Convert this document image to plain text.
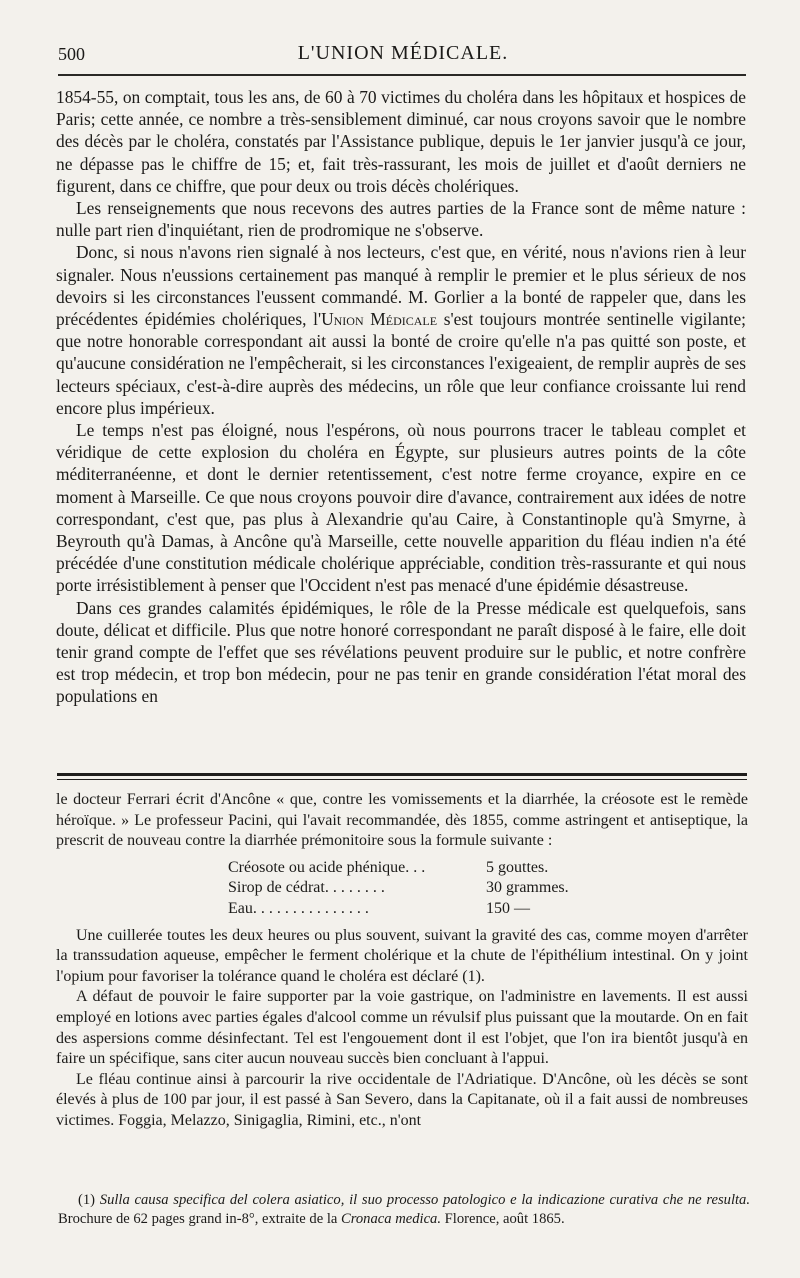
500	L'UNION MÉDICALE.

1854-55, on comptait, tous les ans, de 60 à 70 victimes du choléra dans les hôpitaux et hospices de Paris; cette année, ce nombre a très-sensiblement diminué, car nous croyons savoir que le nombre des décès par le choléra, constatés par l'Assistance publique, depuis le 1er janvier jusqu'à ce jour, ne dépasse pas le chiffre de 15; et, fait très-rassurant, les mois de juillet et d'août derniers ne figurent, dans ce chiffre, que pour deux ou trois décès cholériques.

Les renseignements que nous recevons des autres parties de la France sont de même nature : nulle part rien d'inquiétant, rien de prodromique ne s'observe.

Donc, si nous n'avons rien signalé à nos lecteurs, c'est que, en vérité, nous n'avions rien à leur signaler. Nous n'eussions certainement pas manqué à remplir le premier et le plus sérieux de nos devoirs si les circonstances l'eussent commandé. M. Gorlier a la bonté de rappeler que, dans les précédentes épidémies cholériques, l'Union Médicale s'est toujours montrée sentinelle vigilante; que notre honorable correspondant ait aussi la bonté de croire qu'elle n'a pas quitté son poste, et qu'aucune considération ne l'empêcherait, si les circonstances l'exigeaient, de remplir auprès de ses lecteurs spéciaux, c'est-à-dire auprès des médecins, un rôle que leur confiance croissante lui rend encore plus impérieux.

Le temps n'est pas éloigné, nous l'espérons, où nous pourrons tracer le tableau complet et véridique de cette explosion du choléra en Égypte, sur plusieurs autres points de la côte méditerranéenne, et dont le dernier retentissement, c'est notre ferme croyance, expire en ce moment à Marseille. Ce que nous croyons pouvoir dire d'avance, contrairement aux idées de notre correspondant, c'est que, pas plus à Alexandrie qu'au Caire, à Constantinople qu'à Smyrne, à Beyrouth qu'à Damas, à Ancône qu'à Marseille, cette nouvelle apparition du fléau indien n'a été précédée d'une constitution médicale cholérique appréciable, condition très-rassurante et qui nous porte irrésistiblement à penser que l'Occident n'est pas menacé d'une épidémie désastreuse.

Dans ces grandes calamités épidémiques, le rôle de la Presse médicale est quelquefois, sans doute, délicat et difficile. Plus que notre honoré correspondant ne paraît disposé à le faire, elle doit tenir grand compte de l'effet que ses révélations peuvent produire sur le public, et notre confrère est trop médecin, et trop bon médecin, pour ne pas tenir en grande considération l'état moral des populations en

le docteur Ferrari écrit d'Ancône « que, contre les vomissements et la diarrhée, la créosote est le remède héroïque. » Le professeur Pacini, qui l'avait recommandée, dès 1855, comme astringent et antiseptique, la prescrit de nouveau contre la diarrhée prémonitoire sous la formule suivante :

Créosote ou acide phénique. . .	5 gouttes.
Sirop de cédrat. . . . . . . .	30 grammes.
Eau. . . . . . . . . . . . . . .	150 —

Une cuillerée toutes les deux heures ou plus souvent, suivant la gravité des cas, comme moyen d'arrêter la transsudation aqueuse, empêcher le ferment cholérique et la chute de l'épithélium intestinal. On y joint l'opium pour favoriser la tolérance quand le choléra est déclaré (1).

A défaut de pouvoir le faire supporter par la voie gastrique, on l'administre en lavements. Il est aussi employé en lotions avec parties égales d'alcool comme un révulsif plus puissant que la moutarde. On en fait des aspersions comme désinfectant. Tel est l'engouement dont il est l'objet, que l'on ira bientôt jusqu'à en faire un spécifique, sans citer aucun nouveau succès bien concluant à l'appui.

Le fléau continue ainsi à parcourir la rive occidentale de l'Adriatique. D'Ancône, où les décès se sont élevés à plus de 100 par jour, il est passé à San Severo, dans la Capitanate, où il a fait aussi de nombreuses victimes. Foggia, Melazzo, Sinigaglia, Rimini, etc., n'ont

(1) Sulla causa specifica del colera asiatico, il suo processo patologico e la indicazione curativa che ne resulta. Brochure de 62 pages grand in-8°, extraite de la Cronaca medica. Florence, août 1865.
